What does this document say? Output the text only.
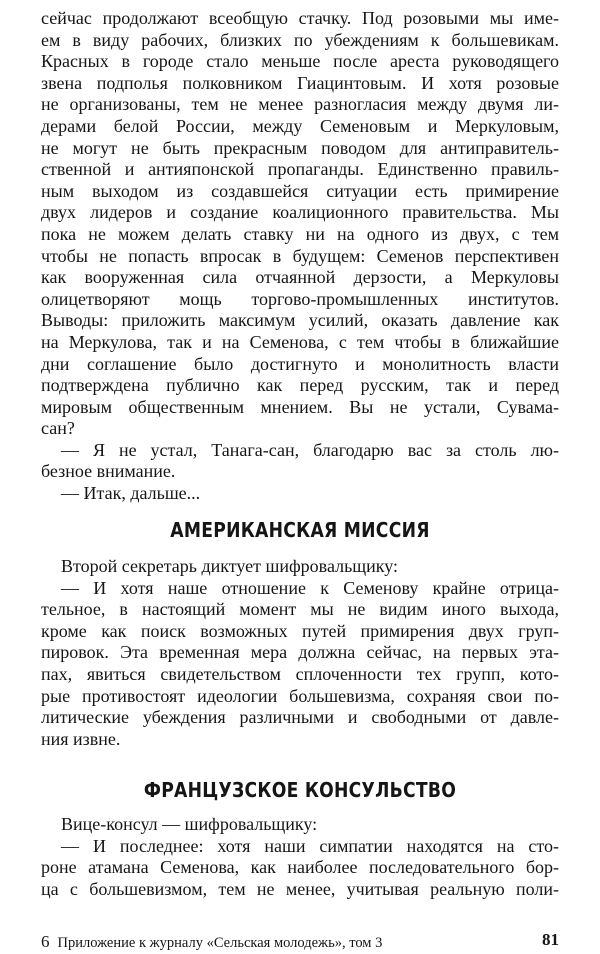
сейчас продолжают всеобщую стачку. Под розовыми мы име-
ем в виду рабочих, близких по убеждениям к большевикам.
Красных в городе стало меньше после ареста руководящего
звена подполья полковником Гиацинтовым. И хотя розовые
не организованы, тем не менее разногласия между двумя ли-
дерами белой России, между Семеновым и Меркуловым,
не могут не быть прекрасным поводом для антиправитель-
ственной и антияпонской пропаганды. Единственно правиль-
ным выходом из создавшейся ситуации есть примирение
двух лидеров и создание коалиционного правительства. Мы
пока не можем делать ставку ни на одного из двух, с тем
чтобы не попасть впросак в будущем: Семенов перспективен
как вооруженная сила отчаянной дерзости, а Меркуловы
олицетворяют мощь торгово-промышленных институтов.
Выводы: приложить максимум усилий, оказать давление как
на Меркулова, так и на Семенова, с тем чтобы в ближайшие
дни соглашение было достигнуто и монолитность власти
подтверждена публично как перед русским, так и перед
мировым общественным мнением. Вы не устали, Сувама-
сан?
— Я не устал, Танага-сан, благодарю вас за столь лю-
безное внимание.
— Итак, дальше...
АМЕРИКАНСКАЯ МИССИЯ
Второй секретарь диктует шифровальщику:
— И хотя наше отношение к Семенову крайне отрица-
тельное, в настоящий момент мы не видим иного выхода,
кроме как поиск возможных путей примирения двух груп-
пировок. Эта временная мера должна сейчас, на первых эта-
пах, явиться свидетельством сплоченности тех групп, кото-
рые противостоят идеологии большевизма, сохраняя свои по-
литические убеждения различными и свободными от давле-
ния извне.
ФРАНЦУЗСКОЕ КОНСУЛЬСТВО
Вице-консул — шифровальщику:
— И последнее: хотя наши симпатии находятся на сто-
роне атамана Семенова, как наиболее последовательного бор-
ца с большевизмом, тем не менее, учитывая реальную поли-
6 Приложение к журналу «Сельская молодежь», том 3	81
